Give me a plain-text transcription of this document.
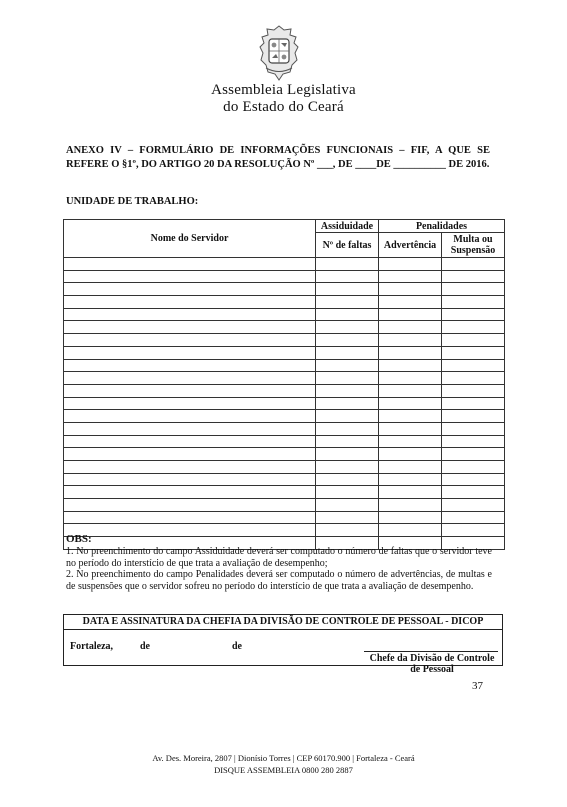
Assembleia Legislativa
do Estado do Ceará
ANEXO IV – FORMULÁRIO DE INFORMAÇÕES FUNCIONAIS – FIF, A QUE SE REFERE O §1º, DO ARTIGO 20 DA RESOLUÇÃO Nº ___, DE ____DE __________ DE 2016.
UNIDADE DE TRABALHO:
Nome do Servidor	Assiduidade	Penalidades	
	Nº de faltas	Advertência	Multa ou Suspensão

OBS:
1. No preenchimento do campo Assiduidade deverá ser computado o número de faltas que o servidor teve no período do interstício de que trata a avaliação de desempenho;
2. No preenchimento do campo Penalidades deverá ser computado o número de advertências, de multas e de suspensões que o servidor sofreu no período do interstício de que trata a avaliação de desempenho.
DATA E ASSINATURA DA CHEFIA DA DIVISÃO DE CONTROLE DE PESSOAL - DICOP
Fortaleza,	de	de
Chefe da Divisão de Controle de Pessoal
37
Av. Des. Moreira, 2807 | Dionísio Torres | CEP 60170.900 | Fortaleza - Ceará
DISQUE ASSEMBLEIA 0800 280 2887
